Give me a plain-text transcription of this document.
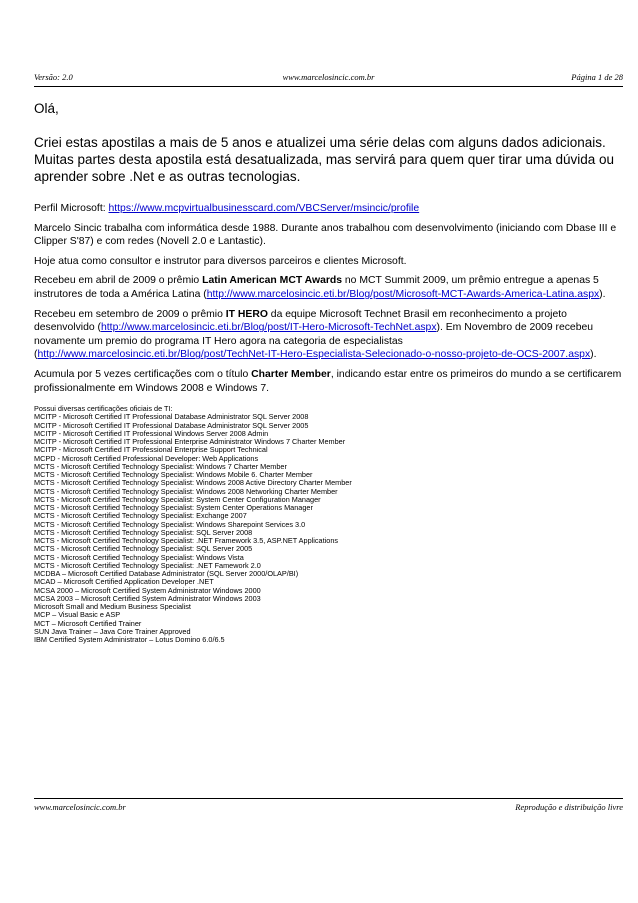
Versão: 2.0	www.marcelosincic.com.br	Página 1 de 28

Olá,

Criei estas apostilas a mais de 5 anos e atualizei uma série delas com alguns dados adicionais. Muitas partes desta apostila está desatualizada, mas servirá para quem quer tirar uma dúvida ou aprender sobre .Net e as outras tecnologias.

Perfil Microsoft: https://www.mcpvirtualbusinesscard.com/VBCServer/msincic/profile

Marcelo Sincic trabalha com informática desde 1988. Durante anos trabalhou com desenvolvimento (iniciando com Dbase III e Clipper S'87) e com redes (Novell 2.0 e Lantastic).

Hoje atua como consultor e instrutor para diversos parceiros e clientes Microsoft.

Recebeu em abril de 2009 o prêmio Latin American MCT Awards no MCT Summit 2009, um prêmio entregue a apenas 5 instrutores de toda a América Latina (http://www.marcelosincic.eti.br/Blog/post/Microsoft-MCT-Awards-America-Latina.aspx).

Recebeu em setembro de 2009 o prêmio IT HERO da equipe Microsoft Technet Brasil em reconhecimento a projeto desenvolvido (http://www.marcelosincic.eti.br/Blog/post/IT-Hero-Microsoft-TechNet.aspx). Em Novembro de 2009 recebeu novamente um premio do programa IT Hero agora na categoria de especialistas (http://www.marcelosincic.eti.br/Blog/post/TechNet-IT-Hero-Especialista-Selecionado-o-nosso-projeto-de-OCS-2007.aspx).

Acumula por 5 vezes certificações com o título Charter Member, indicando estar entre os primeiros do mundo a se certificarem profissionalmente em Windows 2008 e Windows 7.

Possui diversas certificações oficiais de TI:
MCITP - Microsoft Certified IT Professional Database Administrator SQL Server 2008
MCITP - Microsoft Certified IT Professional Database Administrator SQL Server 2005
MCITP - Microsoft Certified IT Professional Windows Server 2008 Admin
MCITP - Microsoft Certified IT Professional Enterprise Administrator Windows 7 Charter Member
MCITP - Microsoft Certified IT Professional Enterprise Support Technical
MCPD - Microsoft Certified Professional Developer: Web Applications
MCTS - Microsoft Certified Technology Specialist: Windows 7 Charter Member
MCTS - Microsoft Certified Technology Specialist: Windows Mobile 6. Charter Member
MCTS - Microsoft Certified Technology Specialist: Windows 2008 Active Directory Charter Member
MCTS - Microsoft Certified Technology Specialist: Windows 2008 Networking Charter Member
MCTS - Microsoft Certified Technology Specialist: System Center Configuration Manager
MCTS - Microsoft Certified Technology Specialist: System Center Operations Manager
MCTS - Microsoft Certified Technology Specialist: Exchange 2007
MCTS - Microsoft Certified Technology Specialist: Windows Sharepoint Services 3.0
MCTS - Microsoft Certified Technology Specialist: SQL Server 2008
MCTS - Microsoft Certified Technology Specialist: .NET Framework 3.5, ASP.NET Applications
MCTS - Microsoft Certified Technology Specialist: SQL Server 2005
MCTS - Microsoft Certified Technology Specialist: Windows Vista
MCTS - Microsoft Certified Technology Specialist: .NET Famework 2.0
MCDBA – Microsoft Certified Database Administrator (SQL Server 2000/OLAP/BI)
MCAD – Microsoft Certified Application Developer .NET
MCSA 2000 – Microsoft Certified System Administrator Windows 2000
MCSA 2003 – Microsoft Certified System Administrator Windows 2003
Microsoft Small and Medium Business Specialist
MCP – Visual Basic e ASP
MCT – Microsoft Certified Trainer
SUN Java Trainer – Java Core Trainer Approved
IBM Certified System Administrator – Lotus Domino 6.0/6.5
www.marcelosincic.com.br	Reprodução e distribuição livre
